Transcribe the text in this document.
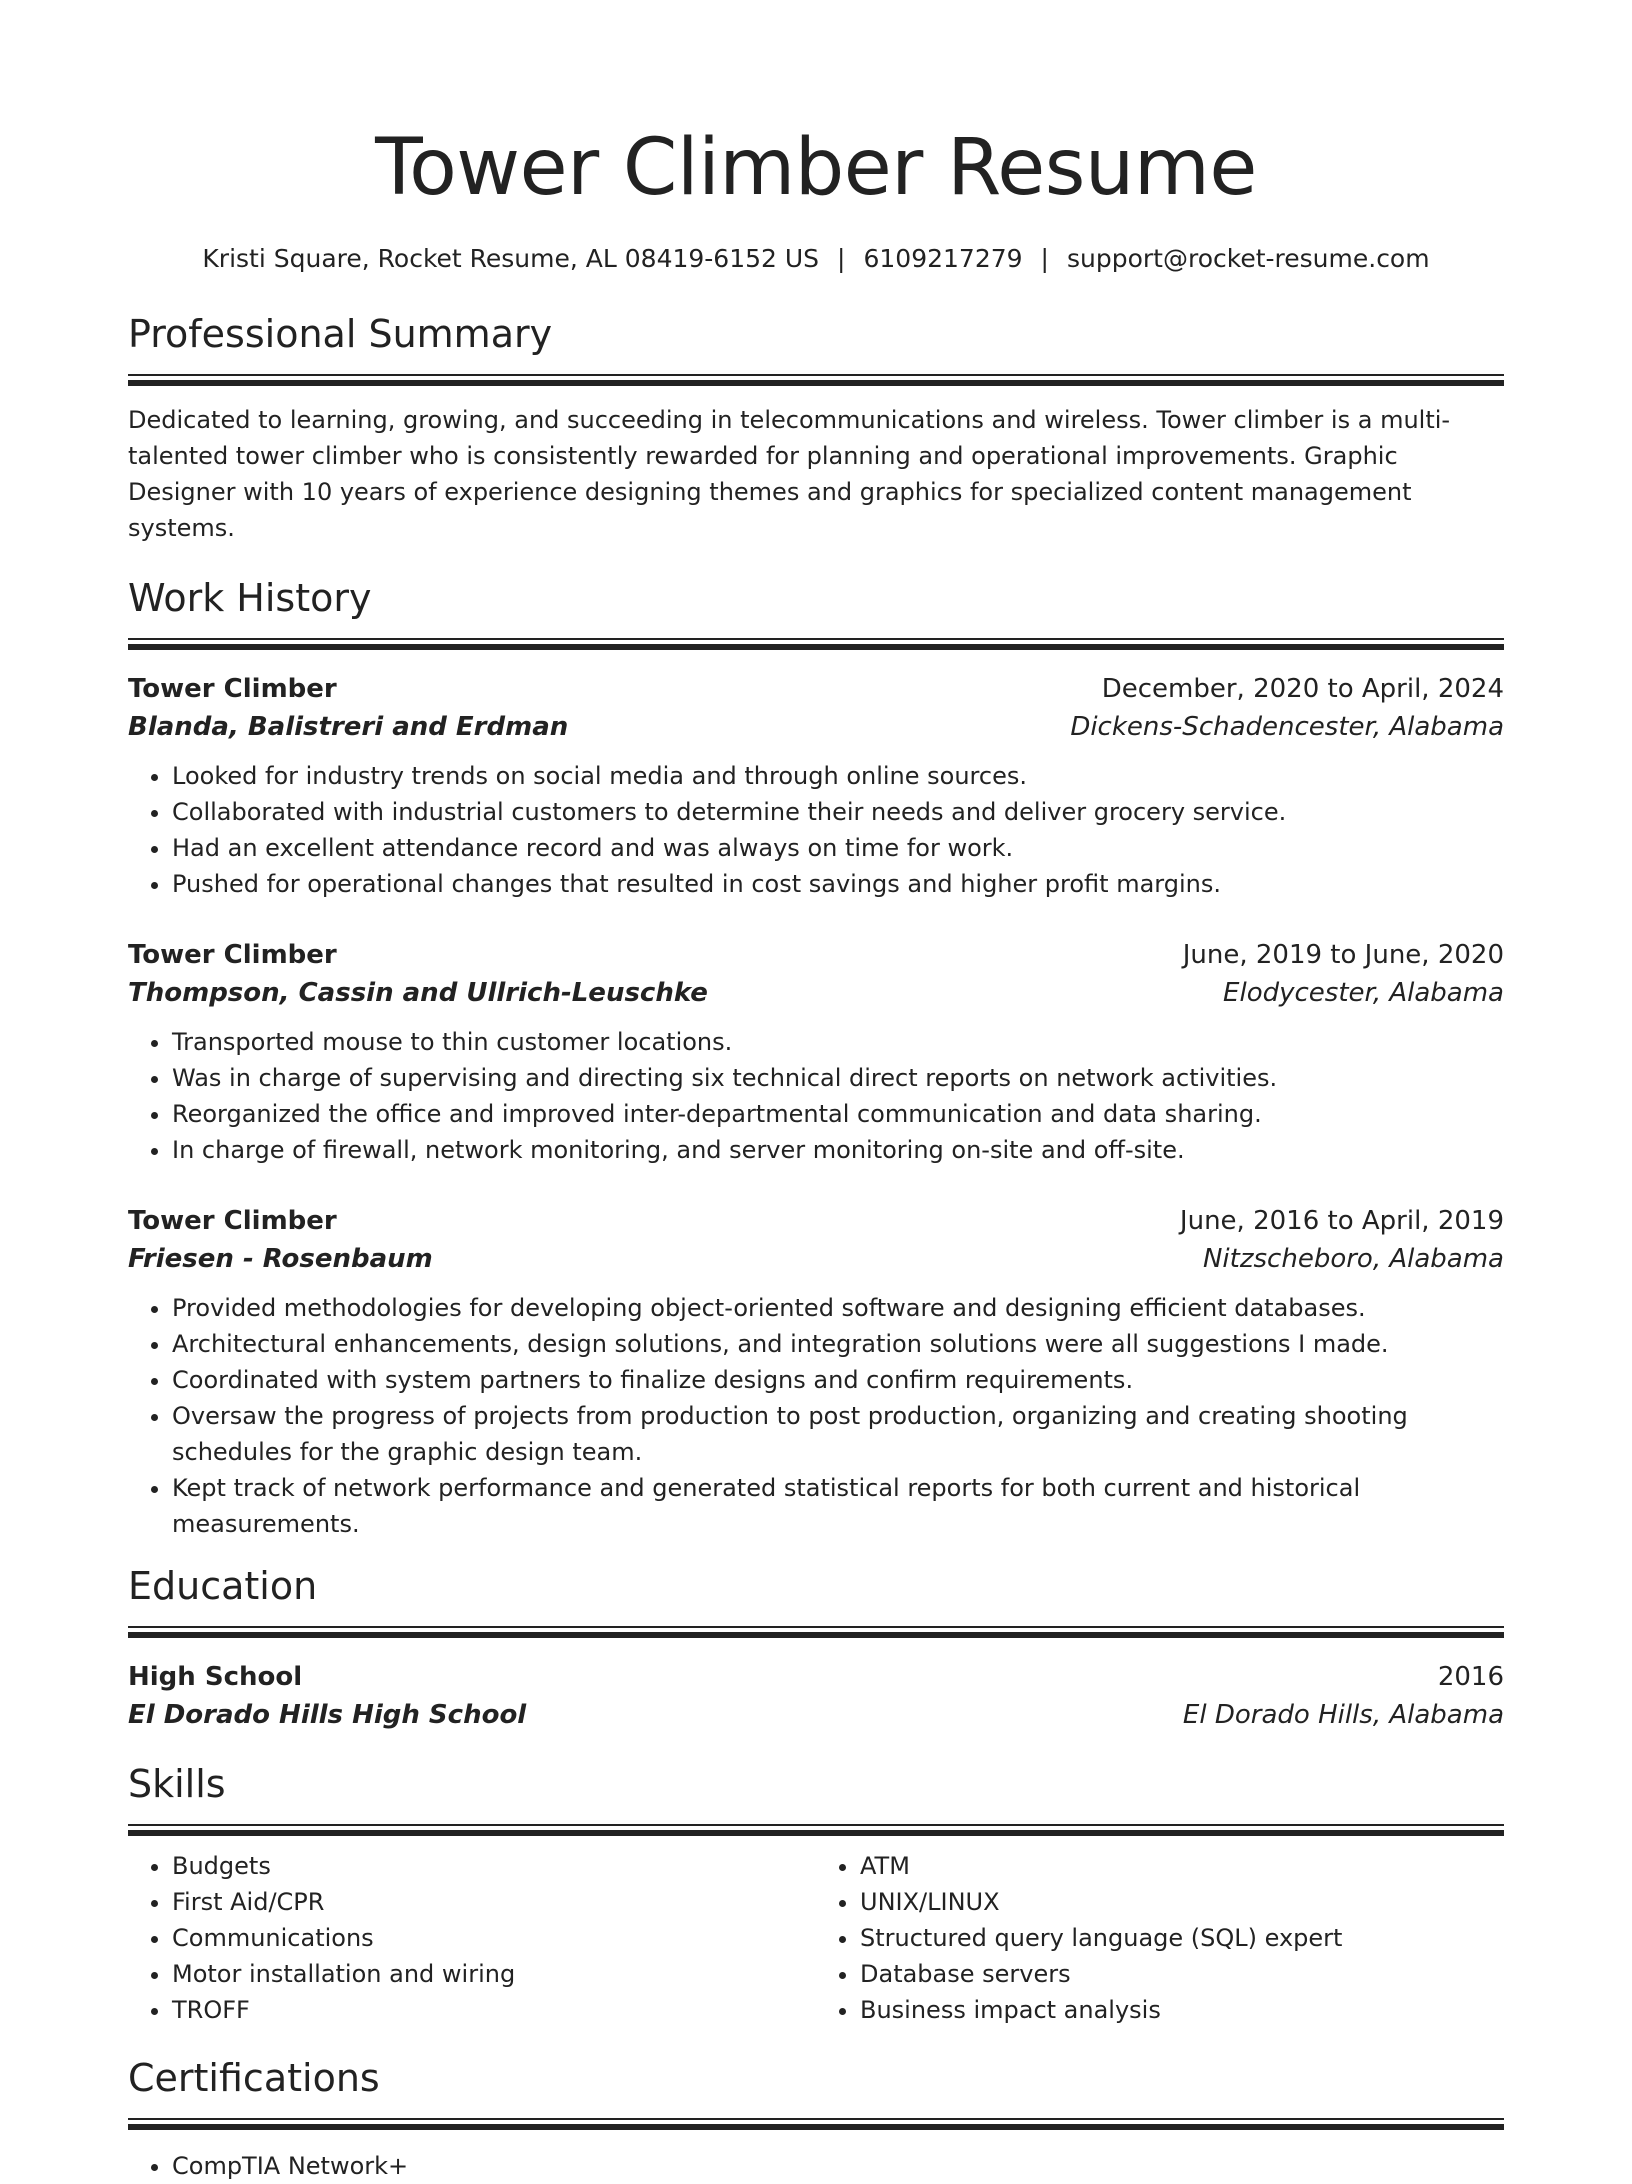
Tower Climber Resume
Kristi Square, Rocket Resume, AL 08419-6152 US | 6109217279 | support@rocket-resume.com
Professional Summary
Dedicated to learning, growing, and succeeding in telecommunications and wireless. Tower climber is a multi-talented tower climber who is consistently rewarded for planning and operational improvements. Graphic Designer with 10 years of experience designing themes and graphics for specialized content management systems.
Work History
Tower Climber	December, 2020 to April, 2024
Blanda, Balistreri and Erdman	Dickens-Schadencester, Alabama
• Looked for industry trends on social media and through online sources.
• Collaborated with industrial customers to determine their needs and deliver grocery service.
• Had an excellent attendance record and was always on time for work.
• Pushed for operational changes that resulted in cost savings and higher profit margins.
Tower Climber	June, 2019 to June, 2020
Thompson, Cassin and Ullrich-Leuschke	Elodycester, Alabama
• Transported mouse to thin customer locations.
• Was in charge of supervising and directing six technical direct reports on network activities.
• Reorganized the office and improved inter-departmental communication and data sharing.
• In charge of firewall, network monitoring, and server monitoring on-site and off-site.
Tower Climber	June, 2016 to April, 2019
Friesen - Rosenbaum	Nitzscheboro, Alabama
• Provided methodologies for developing object-oriented software and designing efficient databases.
• Architectural enhancements, design solutions, and integration solutions were all suggestions I made.
• Coordinated with system partners to finalize designs and confirm requirements.
• Oversaw the progress of projects from production to post production, organizing and creating shooting schedules for the graphic design team.
• Kept track of network performance and generated statistical reports for both current and historical measurements.
Education
High School	2016
El Dorado Hills High School	El Dorado Hills, Alabama
Skills
• Budgets
• First Aid/CPR
• Communications
• Motor installation and wiring
• TROFF
• ATM
• UNIX/LINUX
• Structured query language (SQL) expert
• Database servers
• Business impact analysis
Certifications
• CompTIA Network+
